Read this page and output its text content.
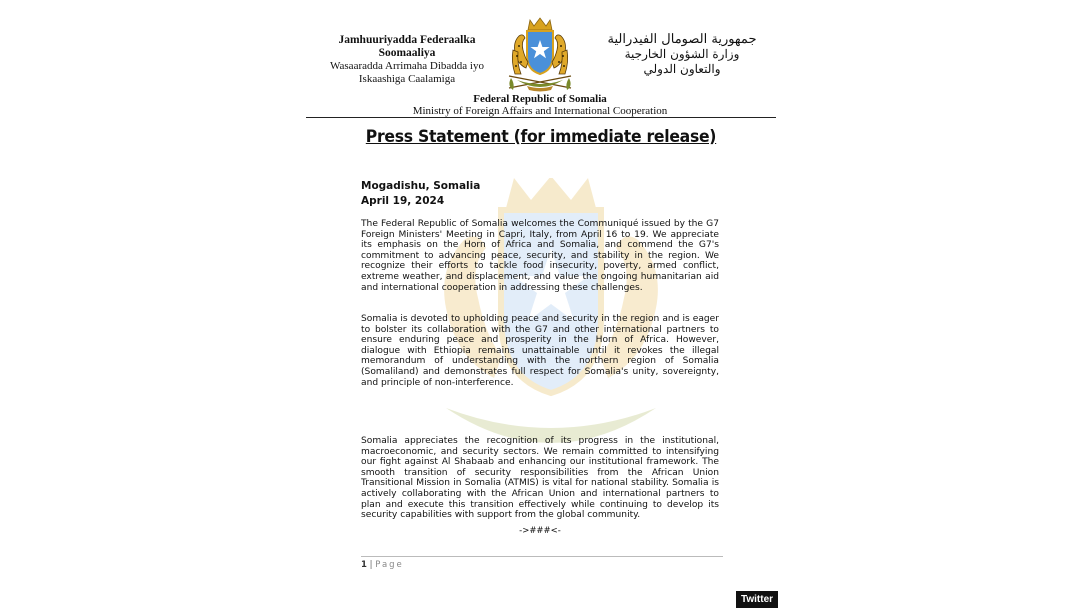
Jamhuuriyadda Federaalka Soomaaliya
Wasaaradda Arrimaha Dibadda iyo
Iskaashiga Caalamiga
جمهورية الصومال الفيدرالية
وزارة الشؤون الخارجية
والتعاون الدولي
Federal Republic of Somalia
Ministry of Foreign Affairs and International Cooperation
Press Statement (for immediate release)
Mogadishu, Somalia
April 19, 2024
The Federal Republic of Somalia welcomes the Communiqué issued by the G7 Foreign Ministers' Meeting in Capri, Italy, from April 16 to 19. We appreciate its emphasis on the Horn of Africa and Somalia, and commend the G7's commitment to advancing peace, security, and stability in the region. We recognize their efforts to tackle food insecurity, poverty, armed conflict, extreme weather, and displacement, and value the ongoing humanitarian aid and international cooperation in addressing these challenges.
Somalia is devoted to upholding peace and security in the region and is eager to bolster its collaboration with the G7 and other international partners to ensure enduring peace and prosperity in the Horn of Africa. However, dialogue with Ethiopia remains unattainable until it revokes the illegal memorandum of understanding with the northern region of Somalia (Somaliland) and demonstrates full respect for Somalia's unity, sovereignty, and principle of non-interference.
Somalia appreciates the recognition of its progress in the institutional, macroeconomic, and security sectors. We remain committed to intensifying our fight against Al Shabaab and enhancing our institutional framework. The smooth transition of security responsibilities from the African Union Transitional Mission in Somalia (ATMIS) is vital for national stability. Somalia is actively collaborating with the African Union and international partners to plan and execute this transition effectively while continuing to develop its security capabilities with support from the global community.
->###<-
1 | Page
Twitter
